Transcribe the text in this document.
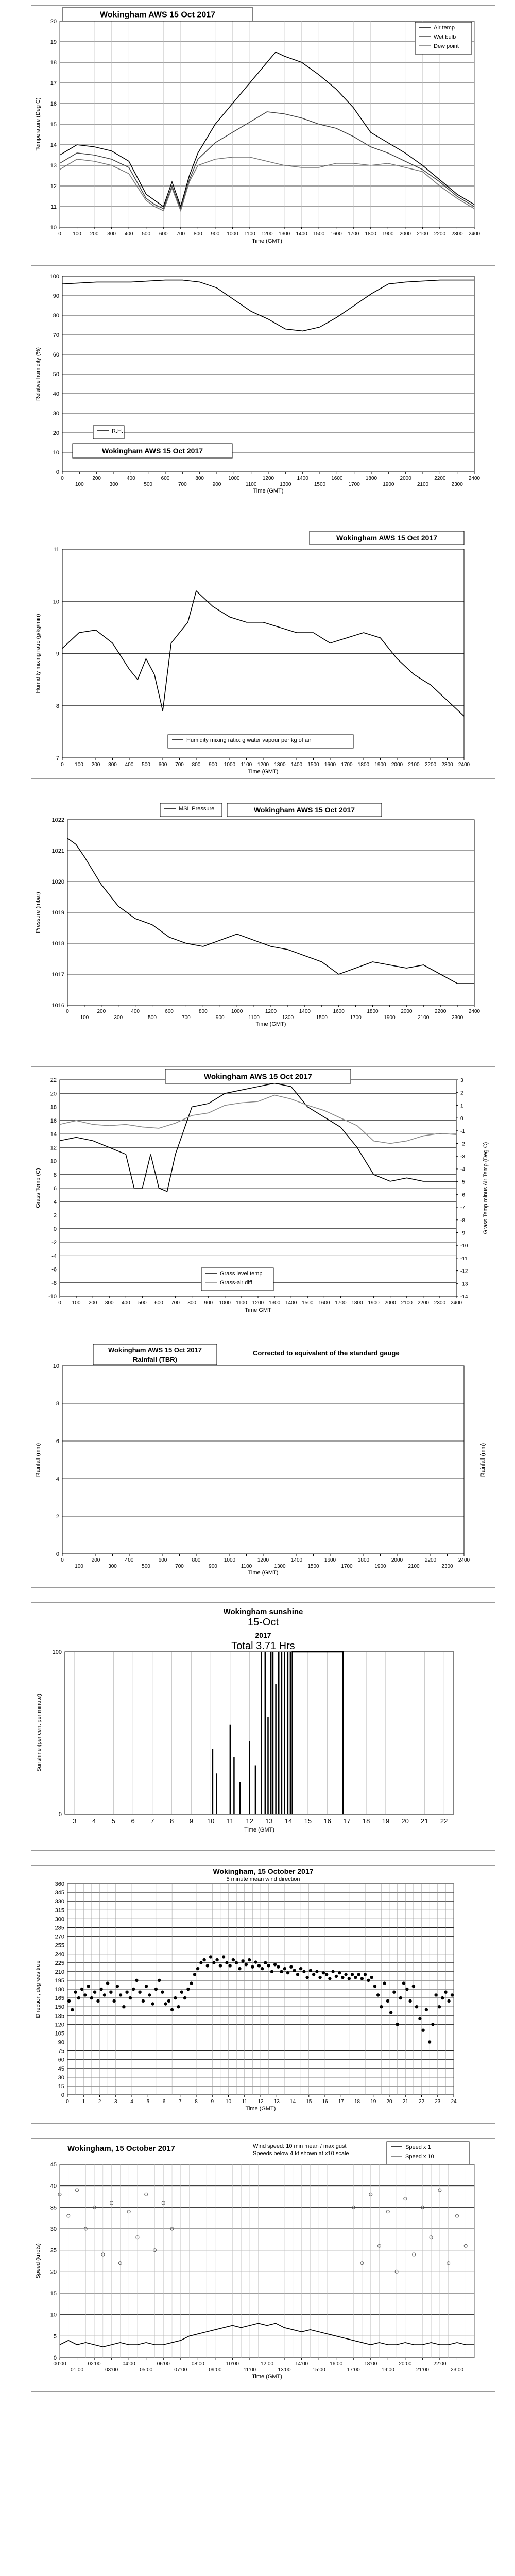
10
11
12
13
14
15
16
17
18
19
20
0 100 200 300 400 500 600 700 800 900 1000 1100 1200 1300 1400 1500 1600 1700 1800 1900 2000 2100 2200 2300 2400
Time (GMT)
Temperature (Deg C)
Wokingham AWS 15 Oct 2017
Air temp
Wet bulb
Dew point
0
10
20
30
40
50
60
70
80
90
100
0	200	400	600	800	1000	1200	1400	1600	1800	2000	2200	2400
100	300	500	700	900	1100	1300	1500	1700	1900	2100	2300
Time (GMT)
Relative humidity (%)
R.H.
Wokingham AWS 15 Oct 2017
7
8
9
10
11
0 100 200 300 400 500 600 700 800 900 1000 1100 1200 1300 1400 1500 1600 1700 1800 1900 2000 2100 2200 2300 2400
Time (GMT)
Humidity mixing ratio (g/kg/min)
Wokingham AWS 15 Oct 2017
Humidity mixing ratio: g water vapour per kg of air
1016
1017
1018
1019
1020
1021
1022
0	200	400	600	800	1000	1200	1400	1600	1800	2000	2200	2400
100	300	500	700	900	1100	1300	1500	1700	1900	2100	2300
Time (GMT)
Pressure (mbar)
MSL Pressure	Wokingham AWS 15 Oct 2017
-10
-8
-6
-4
-2
0
2
4
6
8
10
12
14
16
18
20
22
0 100 200 300 400 500 600 700 800 900 1000 1100 1200 1300 1400 1500 1600 1700 1800 1900 2000 2100 2200 2300 2400
Time GMT
Grass Temp (C)
-14
-13
-12
-11
-10
-9
-8
-7
-6
-5
-4
-3
-2
-1
0
1
2
3
Grass Temp minus Air Temp (Deg C)
Wokingham AWS 15 Oct 2017
Grass level temp
Grass-air diff
0
2
4
6
8
10
0	200	400	600	800	1000	1200	1400	1600	1800	2000	2200	2400
100	300	500	700	900	1100	1300	1500	1700	1900	2100	2300
Time (GMT)
Rainfall (mm)	Rainfall (mm)
Wokingham AWS 15 Oct 2017
Rainfall (TBR)
Corrected to equivalent of the standard gauge
3 4 5 6 7 8 9 10 11 12 13 14 15 16 17 18 19 20 21 22
0
100
Time (GMT)
Sunshine (per cent per minute)
Wokingham sunshine
15-Oct
2017
Total 3.71 Hrs
0
15
30
45
60
75
90
105
120
135
150
165
180
195
210
225
240
255
270
285
300
315
330
345
360
0	1	2	3	4	5	6	7	8	9 10 11 12 13 14 15 16 17 18 19 20 21 22 23 24
Time (GMT)
Direction, degrees true
Wokingham, 15 October 2017
5 minute mean wind direction
0
5
10
15
20
25
30
35
40
45
00:00	02:00	04:00	06:00	08:00	10:00	12:00	14:00	16:00	18:00	20:00	22:00
01:00	03:00	05:00	07:00	09:00	11:00	13:00	15:00	17:00	19:00	21:00	23:00
Time (GMT)
Speed (knots)
Wokingham, 15 October 2017	Wind speed: 10 min mean / max gust
Speeds below 4 kt shown at x10 scale
Speed x 1
Speed x 10
